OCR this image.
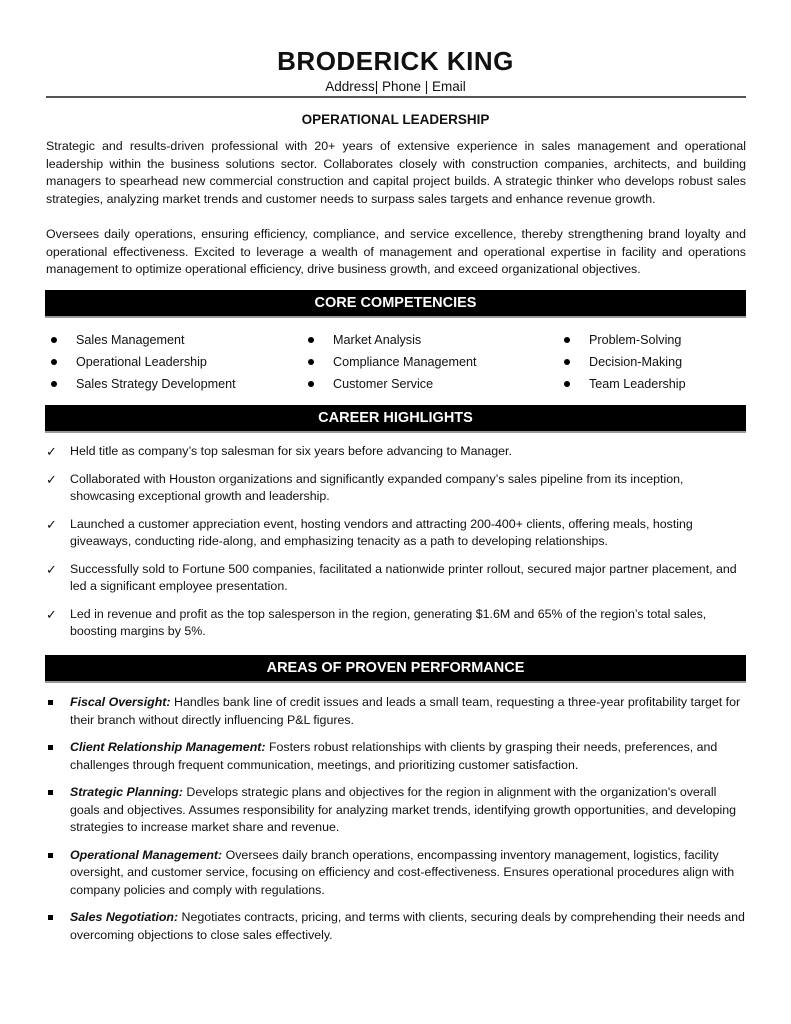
BRODERICK KING
Address| Phone | Email
OPERATIONAL LEADERSHIP

Strategic and results-driven professional with 20+ years of extensive experience in sales management and operational leadership within the business solutions sector. Collaborates closely with construction companies, architects, and building managers to spearhead new commercial construction and capital project builds. A strategic thinker who develops robust sales strategies, analyzing market trends and customer needs to surpass sales targets and enhance revenue growth.

Oversees daily operations, ensuring efficiency, compliance, and service excellence, thereby strengthening brand loyalty and operational effectiveness. Excited to leverage a wealth of management and operational expertise in facility and operations management to optimize operational efficiency, drive business growth, and exceed organizational objectives.

CORE COMPETENCIES
Sales Management
Operational Leadership
Sales Strategy Development
Market Analysis
Compliance Management
Customer Service
Problem-Solving
Decision-Making
Team Leadership
CAREER HIGHLIGHTS
✓ Held title as company’s top salesman for six years before advancing to Manager.
✓ Collaborated with Houston organizations and significantly expanded company’s sales pipeline from its inception, showcasing exceptional growth and leadership.
✓ Launched a customer appreciation event, hosting vendors and attracting 200-400+ clients, offering meals, hosting giveaways, conducting ride-along, and emphasizing tenacity as a path to developing relationships.
✓ Successfully sold to Fortune 500 companies, facilitated a nationwide printer rollout, secured major partner placement, and led a significant employee presentation.
✓ Led in revenue and profit as the top salesperson in the region, generating $1.6M and 65% of the region’s total sales, boosting margins by 5%.
AREAS OF PROVEN PERFORMANCE
Fiscal Oversight: Handles bank line of credit issues and leads a small team, requesting a three-year profitability target for their branch without directly influencing P&L figures.
Client Relationship Management: Fosters robust relationships with clients by grasping their needs, preferences, and challenges through frequent communication, meetings, and prioritizing customer satisfaction.
Strategic Planning: Develops strategic plans and objectives for the region in alignment with the organization's overall goals and objectives. Assumes responsibility for analyzing market trends, identifying growth opportunities, and developing strategies to increase market share and revenue.
Operational Management: Oversees daily branch operations, encompassing inventory management, logistics, facility oversight, and customer service, focusing on efficiency and cost-effectiveness. Ensures operational procedures align with company policies and comply with regulations.
Sales Negotiation: Negotiates contracts, pricing, and terms with clients, securing deals by comprehending their needs and overcoming objections to close sales effectively.
